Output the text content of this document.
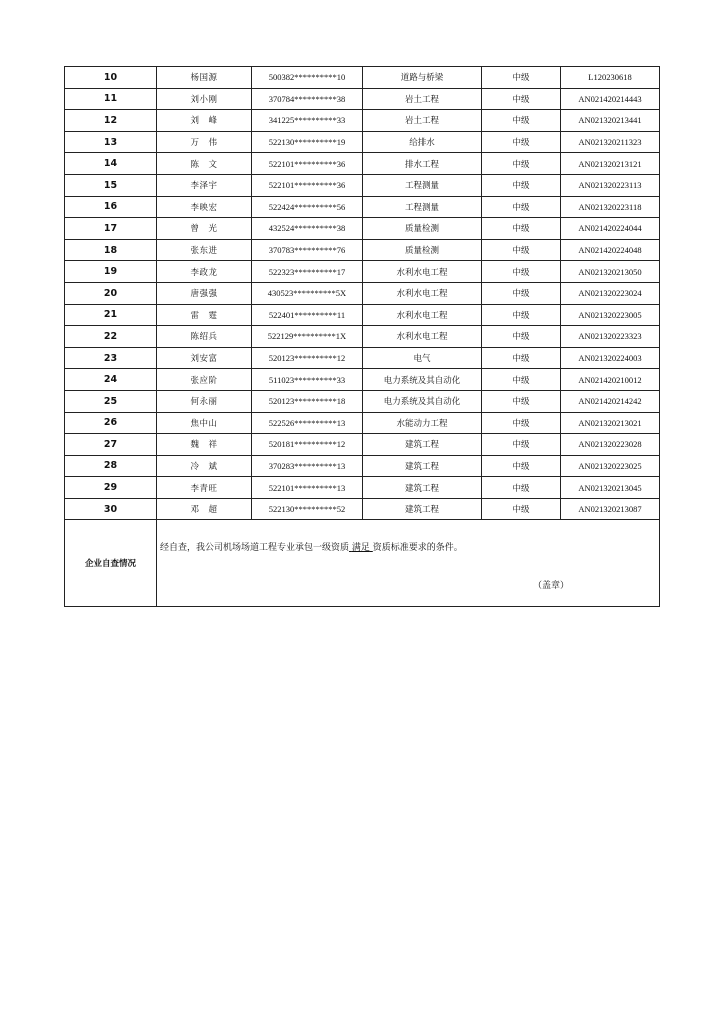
10	杨国源	500382**********10	道路与桥梁	中级	L120230618
11	刘小刚	370784**********38	岩土工程	中级	AN021420214443
12	刘　峰	341225**********33	岩土工程	中级	AN021320213441
13	万　伟	522130**********19	给排水	中级	AN021320211323
14	陈　文	522101**********36	排水工程	中级	AN021320213121
15	李泽宇	522101**********36	工程测量	中级	AN021320223113
16	李映宏	522424**********56	工程测量	中级	AN021320223118
17	曾　光	432524**********38	质量检测	中级	AN021420224044
18	张东进	370783**********76	质量检测	中级	AN021420224048
19	李政龙	522323**********17	水利水电工程	中级	AN021320213050
20	唐强强	430523**********5X	水利水电工程	中级	AN021320223024
21	雷　霆	522401**********11	水利水电工程	中级	AN021320223005
22	陈绍兵	522129**********1X	水利水电工程	中级	AN021320223323
23	刘安富	520123**********12	电气	中级	AN021320224003
24	张应阶	511023**********33	电力系统及其自动化	中级	AN021420210012
25	何永丽	520123**********18	电力系统及其自动化	中级	AN021420214242
26	焦中山	522526**********13	水能动力工程	中级	AN021320213021
27	魏　祥	520181**********12	建筑工程	中级	AN021320223028
28	冷　斌	370283**********13	建筑工程	中级	AN021320223025
29	李青旺	522101**********13	建筑工程	中级	AN021320213045
30	邓　超	522130**********52	建筑工程	中级	AN021320213087
企业自查情况	经自查，我公司机场场道工程专业承包一级资质 满足 资质标准要求的条件。
（盖章）				
